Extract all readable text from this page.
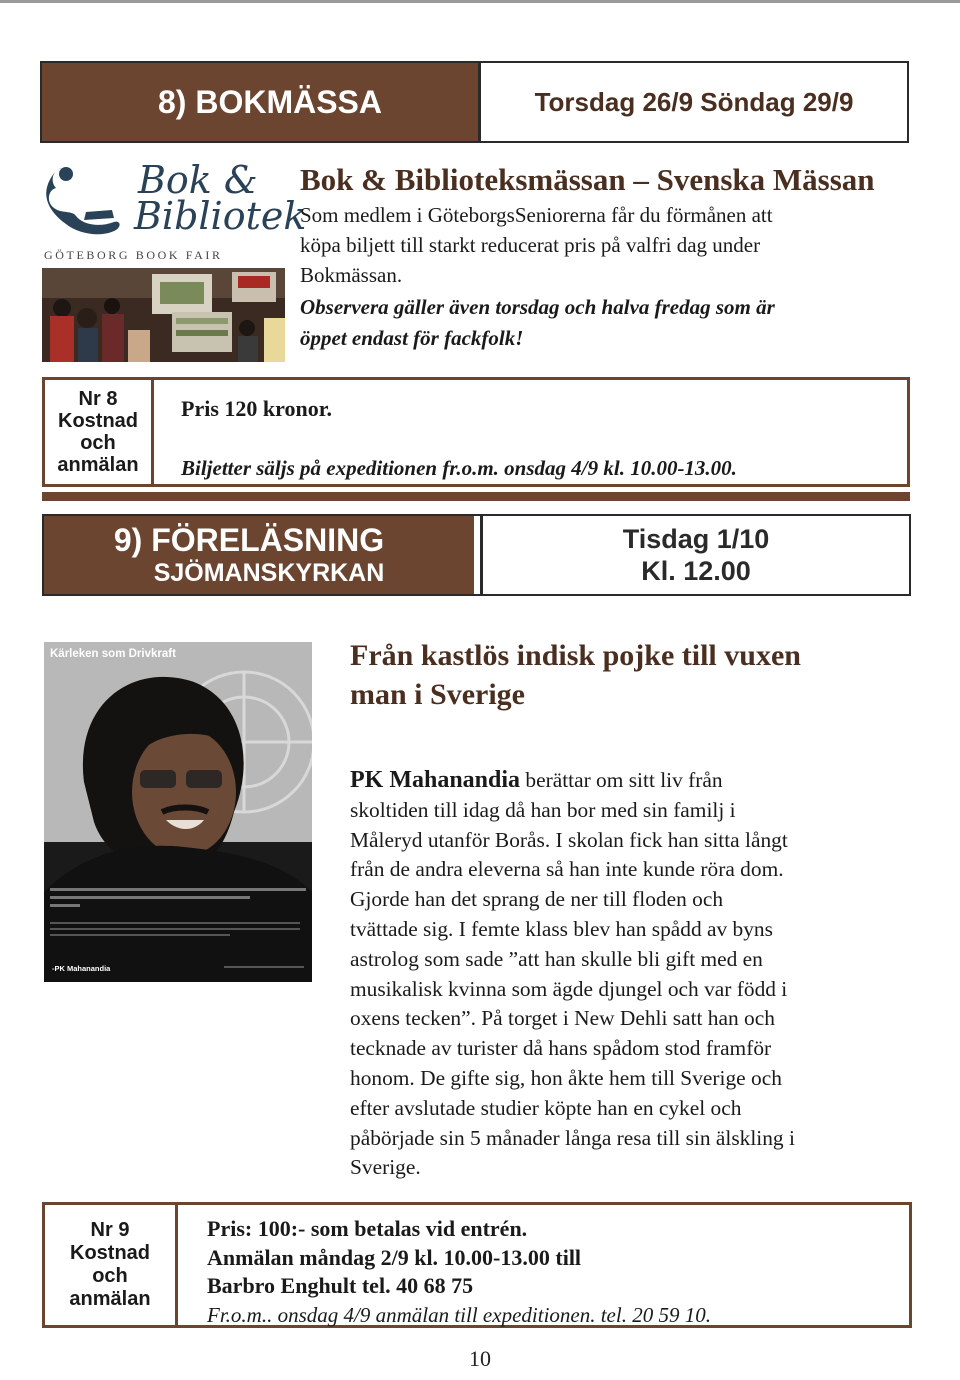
8) BOKMÄSSA	Torsdag 26/9 Söndag 29/9
Bok &
Bibliotek
GÖTEBORG BOOK FAIR
Bok & Biblioteksmässan – Svenska Mässan

Som medlem i GöteborgsSeniorerna får du förmånen att

köpa biljett till starkt reducerat pris på valfri dag under

Bokmässan.

Observera gäller även torsdag och halva fredag som är

öppet endast för fackfolk!

Nr 8
Kostnad
och
anmälan
Pris 120 kronor.
Biljetter säljs på expeditionen fr.o.m. onsdag 4/9 kl. 10.00-13.00.
9) FÖRELÄSNING
SJÖMANSKYRKAN
Tisdag 1/10
Kl. 12.00
Kärleken som Drivkraft
-PK Mahanandia
Från kastlös indisk pojke till vuxen
man i Sverige
PK Mahanandia berättar om sitt liv från
skoltiden till idag då han bor med sin familj i
Måleryd utanför Borås. I skolan fick han sitta långt
från de andra eleverna så han inte kunde röra dom.
Gjorde han det sprang de ner till floden och
tvättade sig. I femte klass blev han spådd av byns
astrolog som sade ”att han skulle bli gift med en
musikalisk kvinna som ägde djungel och var född i
oxens tecken”. På torget i New Dehli satt han och
tecknade av turister då hans spådom stod framför
honom. De gifte sig, hon åkte hem till Sverige och
efter avslutade studier köpte han en cykel och
påbörjade sin 5 månader långa resa till sin älskling i
Sverige.
Nr 9
Kostnad
och
anmälan
Pris: 100:- som betalas vid entrén.
Anmälan måndag 2/9 kl. 10.00-13.00 till
Barbro Enghult tel. 40 68 75
Fr.o.m.. onsdag 4/9 anmälan till expeditionen. tel. 20 59 10.
10
